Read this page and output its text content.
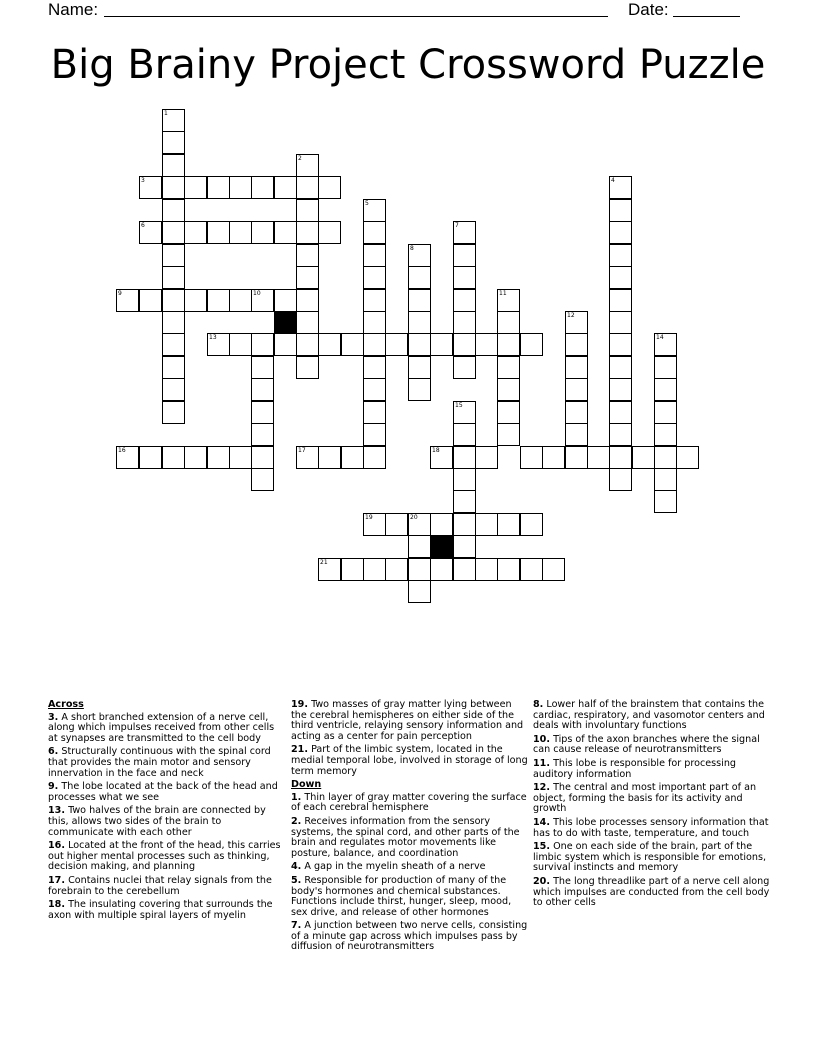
Name:	Date:
Big Brainy Project Crossword Puzzle
1
3
6
9	10
2
5
8
7
11
12
4
14
13
16	17	18
15
19	20
21

Across

3. A short branched extension of a nerve cell, along which impulses received from other cells at synapses are transmitted to the cell body

6. Structurally continuous with the spinal cord that provides the main motor and sensory innervation in the face and neck

9. The lobe located at the back of the head and processes what we see

13. Two halves of the brain are connected by this, allows two sides of the brain to communicate with each other

16. Located at the front of the head, this carries out higher mental processes such as thinking, decision making, and planning

17. Contains nuclei that relay signals from the forebrain to the cerebellum

18. The insulating covering that surrounds the axon with multiple spiral layers of myelin

19. Two masses of gray matter lying between the cerebral hemispheres on either side of the third ventricle, relaying sensory information and acting as a center for pain perception

21. Part of the limbic system, located in the medial temporal lobe, involved in storage of long term memory

Down

1. Thin layer of gray matter covering the surface of each cerebral hemisphere

2. Receives information from the sensory systems, the spinal cord, and other parts of the brain and regulates motor movements like posture, balance, and coordination

4. A gap in the myelin sheath of a nerve

5. Responsible for production of many of the body's hormones and chemical substances. Functions include thirst, hunger, sleep, mood, sex drive, and release of other hormones

7. A junction between two nerve cells, consisting of a minute gap across which impulses pass by diffusion of neurotransmitters

8. Lower half of the brainstem that contains the cardiac, respiratory, and vasomotor centers and deals with involuntary functions

10. Tips of the axon branches where the signal can cause release of neurotransmitters

11. This lobe is responsible for processing auditory information

12. The central and most important part of an object, forming the basis for its activity and growth

14. This lobe processes sensory information that has to do with taste, temperature, and touch

15. One on each side of the brain, part of the limbic system which is responsible for emotions, survival instincts and memory

20. The long threadlike part of a nerve cell along which impulses are conducted from the cell body to other cells
